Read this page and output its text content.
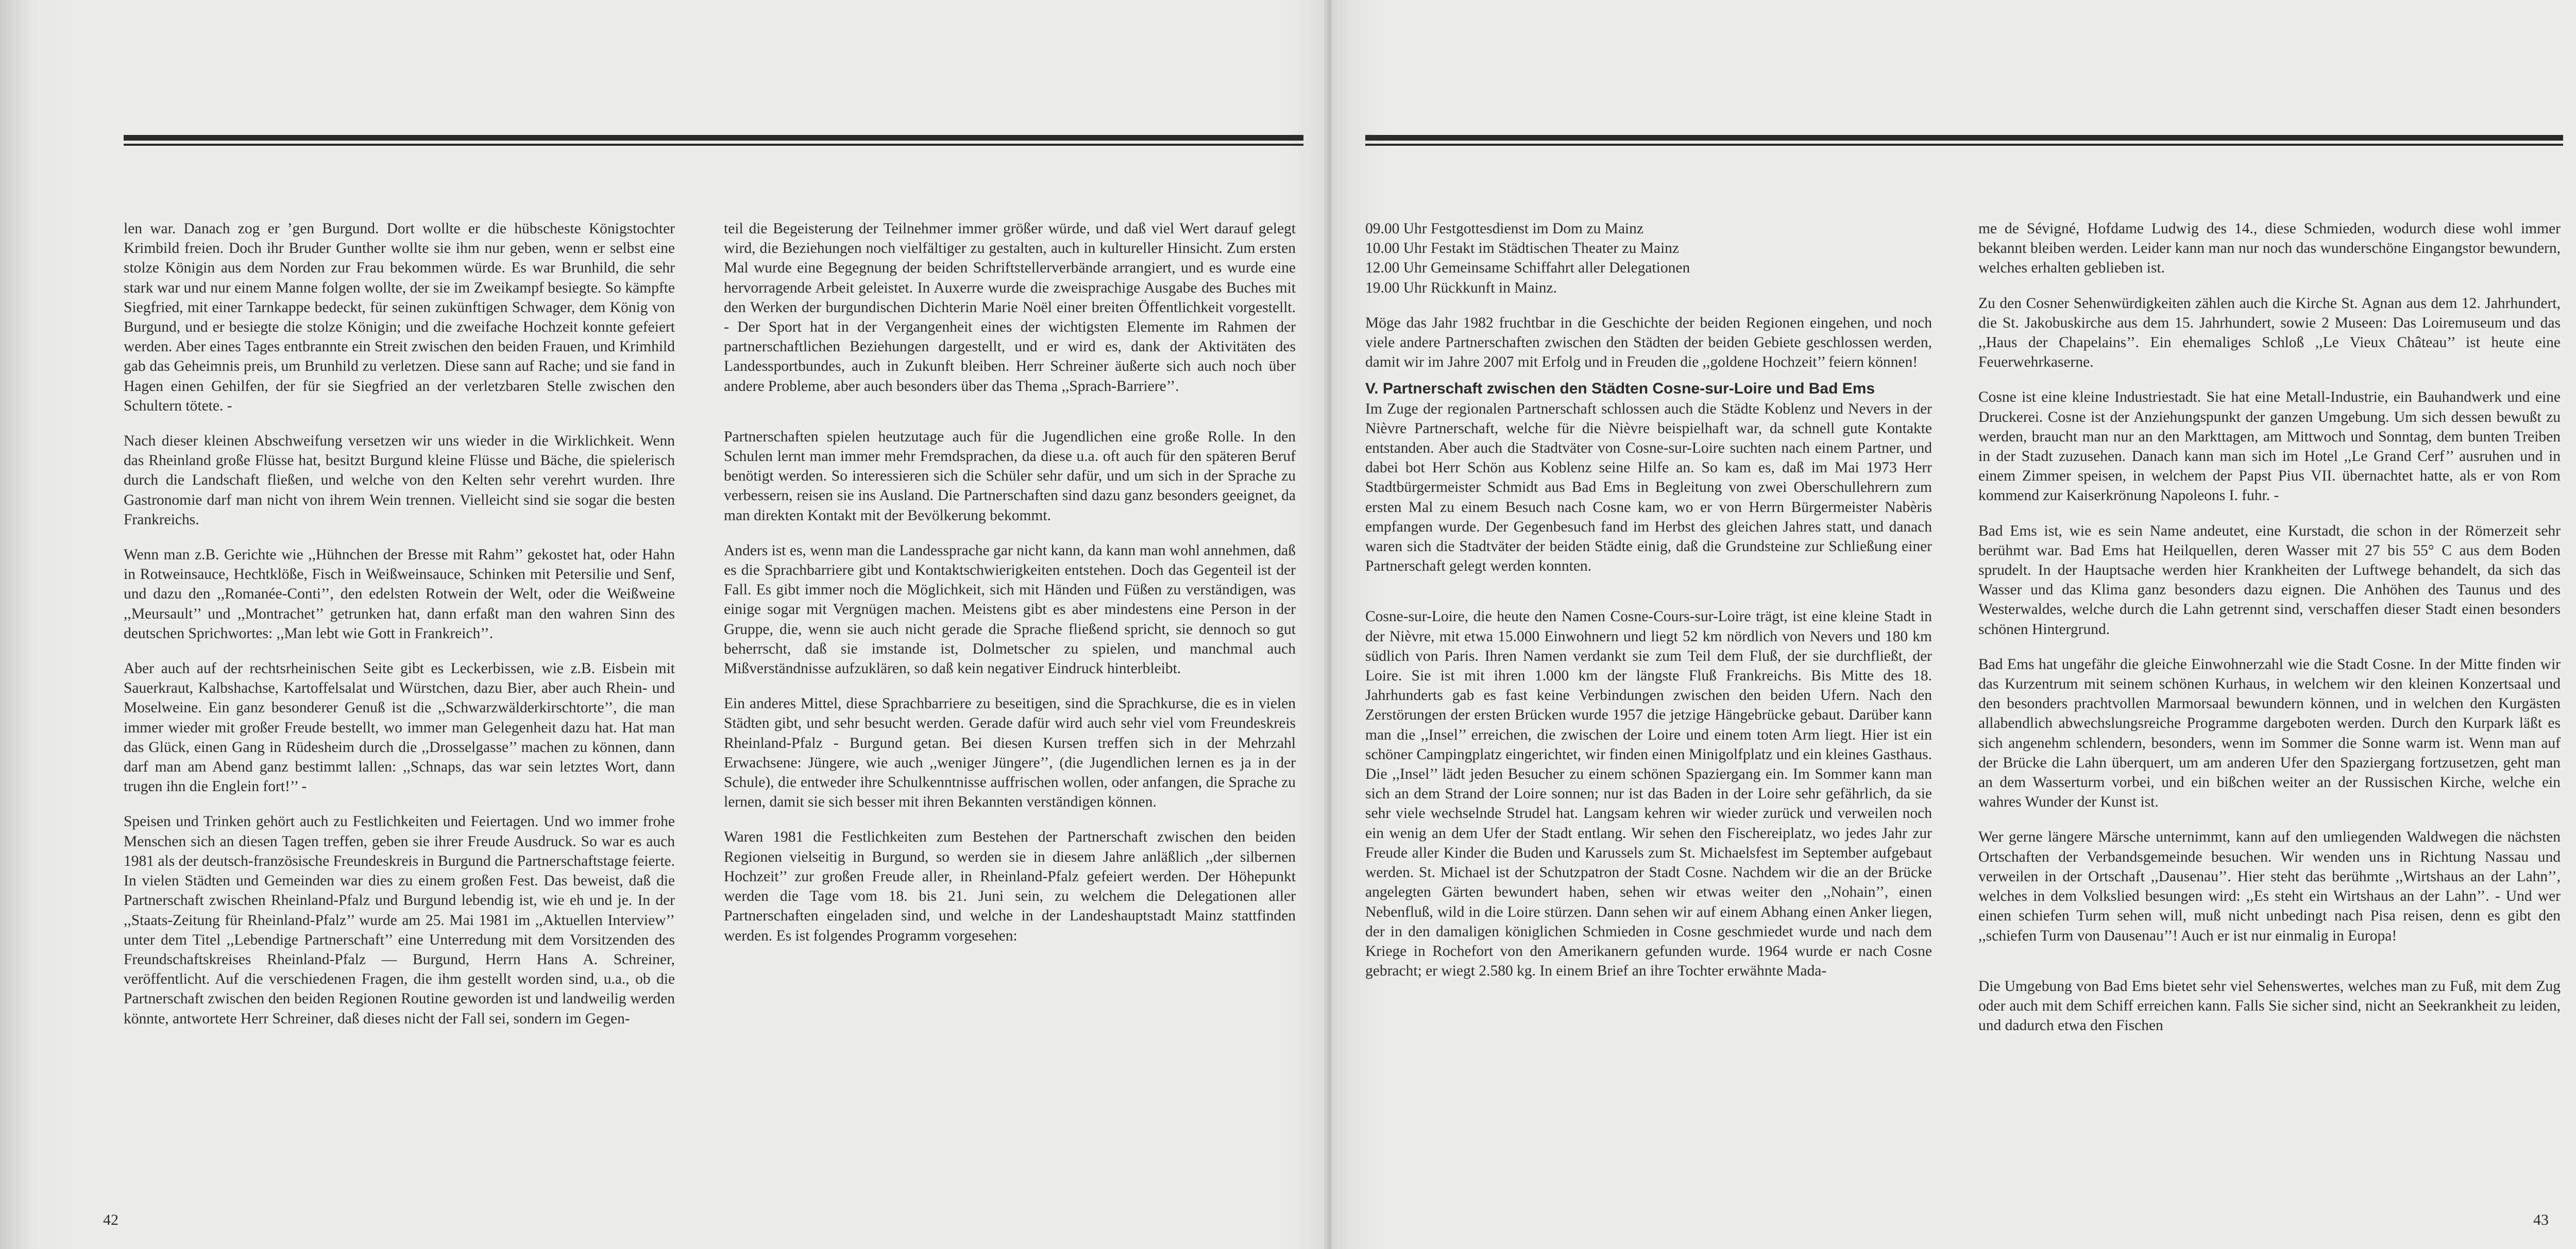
len war. Danach zog er ’gen Burgund. Dort wollte er die hübscheste Königstochter Krimbild freien. Doch ihr Bruder Gunther wollte sie ihm nur geben, wenn er selbst eine stolze Königin aus dem Norden zur Frau bekommen würde. Es war Brunhild, die sehr stark war und nur einem Manne folgen wollte, der sie im Zweikampf besiegte. So kämpfte Siegfried, mit einer Tarnkappe bedeckt, für seinen zukünftigen Schwager, dem König von Burgund, und er besiegte die stolze Königin; und die zweifache Hochzeit konnte gefeiert werden. Aber eines Tages entbrannte ein Streit zwischen den beiden Frauen, und Krimhild gab das Geheimnis preis, um Brunhild zu verletzen. Diese sann auf Rache; und sie fand in Hagen einen Gehilfen, der für sie Siegfried an der verletzbaren Stelle zwischen den Schultern tötete. -

Nach dieser kleinen Abschweifung versetzen wir uns wieder in die Wirklichkeit. Wenn das Rheinland große Flüsse hat, besitzt Burgund kleine Flüsse und Bäche, die spielerisch durch die Landschaft fließen, und welche von den Kelten sehr verehrt wurden. Ihre Gastronomie darf man nicht von ihrem Wein trennen. Vielleicht sind sie sogar die besten Frankreichs.

Wenn man z.B. Gerichte wie ,,Hühnchen der Bresse mit Rahm’’ gekostet hat, oder Hahn in Rotweinsauce, Hechtklöße, Fisch in Weißweinsauce, Schinken mit Petersilie und Senf, und dazu den ,,Romanée-Conti’’, den edelsten Rotwein der Welt, oder die Weißweine ,,Meursault’’ und ,,Montrachet’’ getrunken hat, dann erfaßt man den wahren Sinn des deutschen Sprichwortes: ,,Man lebt wie Gott in Frankreich’’.

Aber auch auf der rechtsrheinischen Seite gibt es Leckerbissen, wie z.B. Eisbein mit Sauerkraut, Kalbshachse, Kartoffelsalat und Würstchen, dazu Bier, aber auch Rhein- und Moselweine. Ein ganz besonderer Genuß ist die ,,Schwarzwälderkirschtorte’’, die man immer wieder mit großer Freude bestellt, wo immer man Gelegenheit dazu hat. Hat man das Glück, einen Gang in Rüdesheim durch die ,,Drosselgasse’’ machen zu können, dann darf man am Abend ganz bestimmt lallen: ,,Schnaps, das war sein letztes Wort, dann trugen ihn die Englein fort!’’ -

Speisen und Trinken gehört auch zu Festlichkeiten und Feiertagen. Und wo immer frohe Menschen sich an diesen Tagen treffen, geben sie ihrer Freude Ausdruck. So war es auch 1981 als der deutsch-französische Freundeskreis in Burgund die Partnerschaftstage feierte. In vielen Städten und Gemeinden war dies zu einem großen Fest. Das beweist, daß die Partnerschaft zwischen Rheinland-Pfalz und Burgund lebendig ist, wie eh und je. In der ,,Staats-Zeitung für Rheinland-Pfalz’’ wurde am 25. Mai 1981 im ,,Aktuellen Interview’’ unter dem Titel ,,Lebendige Partnerschaft’’ eine Unterredung mit dem Vorsitzenden des Freundschaftskreises Rheinland-Pfalz — Burgund, Herrn Hans A. Schreiner, veröffentlicht. Auf die verschiedenen Fragen, die ihm gestellt worden sind, u.a., ob die Partnerschaft zwischen den beiden Regionen Routine geworden ist und landweilig werden könnte, antwortete Herr Schreiner, daß dieses nicht der Fall sei, sondern im Gegen-

teil die Begeisterung der Teilnehmer immer größer würde, und daß viel Wert darauf gelegt wird, die Beziehungen noch vielfältiger zu gestalten, auch in kultureller Hinsicht. Zum ersten Mal wurde eine Begegnung der beiden Schriftstellerverbände arrangiert, und es wurde eine hervorragende Arbeit geleistet. In Auxerre wurde die zweisprachige Ausgabe des Buches mit den Werken der burgundischen Dichterin Marie Noël einer breiten Öffentlichkeit vorgestellt. - Der Sport hat in der Vergangenheit eines der wichtigsten Elemente im Rahmen der partnerschaftlichen Beziehungen dargestellt, und er wird es, dank der Aktivitäten des Landessportbundes, auch in Zukunft bleiben. Herr Schreiner äußerte sich auch noch über andere Probleme, aber auch besonders über das Thema ,,Sprach-Barriere’’.

Partnerschaften spielen heutzutage auch für die Jugendlichen eine große Rolle. In den Schulen lernt man immer mehr Fremdsprachen, da diese u.a. oft auch für den späteren Beruf benötigt werden. So interessieren sich die Schüler sehr dafür, und um sich in der Sprache zu verbessern, reisen sie ins Ausland. Die Partnerschaften sind dazu ganz besonders geeignet, da man direkten Kontakt mit der Bevölkerung bekommt.

Anders ist es, wenn man die Landessprache gar nicht kann, da kann man wohl annehmen, daß es die Sprachbarriere gibt und Kontaktschwierigkeiten entstehen. Doch das Gegenteil ist der Fall. Es gibt immer noch die Möglichkeit, sich mit Händen und Füßen zu verständigen, was einige sogar mit Vergnügen machen. Meistens gibt es aber mindestens eine Person in der Gruppe, die, wenn sie auch nicht gerade die Sprache fließend spricht, sie dennoch so gut beherrscht, daß sie imstande ist, Dolmetscher zu spielen, und manchmal auch Mißverständnisse aufzuklären, so daß kein negativer Eindruck hinterbleibt.

Ein anderes Mittel, diese Sprachbarriere zu beseitigen, sind die Sprachkurse, die es in vielen Städten gibt, und sehr besucht werden. Gerade dafür wird auch sehr viel vom Freundeskreis Rheinland-Pfalz - Burgund getan. Bei diesen Kursen treffen sich in der Mehrzahl Erwachsene: Jüngere, wie auch ,,weniger Jüngere’’, (die Jugendlichen lernen es ja in der Schule), die entweder ihre Schulkenntnisse auffrischen wollen, oder anfangen, die Sprache zu lernen, damit sie sich besser mit ihren Bekannten verständigen können.

Waren 1981 die Festlichkeiten zum Bestehen der Partnerschaft zwischen den beiden Regionen vielseitig in Burgund, so werden sie in diesem Jahre anläßlich ,,der silbernen Hochzeit’’ zur großen Freude aller, in Rheinland-Pfalz gefeiert werden. Der Höhepunkt werden die Tage vom 18. bis 21. Juni sein, zu welchem die Delegationen aller Partnerschaften eingeladen sind, und welche in der Landeshauptstadt Mainz stattfinden werden. Es ist folgendes Programm vorgesehen:

42
09.00 Uhr Festgottesdienst im Dom zu Mainz
10.00 Uhr Festakt im Städtischen Theater zu Mainz
12.00 Uhr Gemeinsame Schiffahrt aller Delegationen
19.00 Uhr Rückkunft in Mainz.

Möge das Jahr 1982 fruchtbar in die Geschichte der beiden Regionen eingehen, und noch viele andere Partnerschaften zwischen den Städten der beiden Gebiete geschlossen werden, damit wir im Jahre 2007 mit Erfolg und in Freuden die ,,goldene Hochzeit’’ feiern können!

V. Partnerschaft zwischen den Städten Cosne-sur-Loire und Bad Ems

Im Zuge der regionalen Partnerschaft schlossen auch die Städte Koblenz und Nevers in der Nièvre Partnerschaft, welche für die Nièvre beispielhaft war, da schnell gute Kontakte entstanden. Aber auch die Stadtväter von Cosne-sur-Loire suchten nach einem Partner, und dabei bot Herr Schön aus Koblenz seine Hilfe an. So kam es, daß im Mai 1973 Herr Stadtbürgermeister Schmidt aus Bad Ems in Begleitung von zwei Oberschullehrern zum ersten Mal zu einem Besuch nach Cosne kam, wo er von Herrn Bürgermeister Nabèris empfangen wurde. Der Gegenbesuch fand im Herbst des gleichen Jahres statt, und danach waren sich die Stadtväter der beiden Städte einig, daß die Grundsteine zur Schließung einer Partnerschaft gelegt werden konnten.

Cosne-sur-Loire, die heute den Namen Cosne-Cours-sur-Loire trägt, ist eine kleine Stadt in der Nièvre, mit etwa 15.000 Einwohnern und liegt 52 km nördlich von Nevers und 180 km südlich von Paris. Ihren Namen verdankt sie zum Teil dem Fluß, der sie durchfließt, der Loire. Sie ist mit ihren 1.000 km der längste Fluß Frankreichs. Bis Mitte des 18. Jahrhunderts gab es fast keine Verbindungen zwischen den beiden Ufern. Nach den Zerstörungen der ersten Brücken wurde 1957 die jetzige Hängebrücke gebaut. Darüber kann man die ,,Insel’’ erreichen, die zwischen der Loire und einem toten Arm liegt. Hier ist ein schöner Campingplatz eingerichtet, wir finden einen Minigolfplatz und ein kleines Gasthaus. Die ,,Insel’’ lädt jeden Besucher zu einem schönen Spaziergang ein. Im Sommer kann man sich an dem Strand der Loire sonnen; nur ist das Baden in der Loire sehr gefährlich, da sie sehr viele wechselnde Strudel hat. Langsam kehren wir wieder zurück und verweilen noch ein wenig an dem Ufer der Stadt entlang. Wir sehen den Fischereiplatz, wo jedes Jahr zur Freude aller Kinder die Buden und Karussels zum St. Michaelsfest im September aufgebaut werden. St. Michael ist der Schutzpatron der Stadt Cosne. Nachdem wir die an der Brücke angelegten Gärten bewundert haben, sehen wir etwas weiter den ,,Nohain’’, einen Nebenfluß, wild in die Loire stürzen. Dann sehen wir auf einem Abhang einen Anker liegen, der in den damaligen königlichen Schmieden in Cosne geschmiedet wurde und nach dem Kriege in Rochefort von den Amerikanern gefunden wurde. 1964 wurde er nach Cosne gebracht; er wiegt 2.580 kg. In einem Brief an ihre Tochter erwähnte Mada-

me de Sévigné, Hofdame Ludwig des 14., diese Schmieden, wodurch diese wohl immer bekannt bleiben werden. Leider kann man nur noch das wunderschöne Eingangstor bewundern, welches erhalten geblieben ist.

Zu den Cosner Sehenwürdigkeiten zählen auch die Kirche St. Agnan aus dem 12. Jahrhundert, die St. Jakobuskirche aus dem 15. Jahrhundert, sowie 2 Museen: Das Loiremuseum und das ,,Haus der Chapelains’’. Ein ehemaliges Schloß ,,Le Vieux Château’’ ist heute eine Feuerwehrkaserne.

Cosne ist eine kleine Industriestadt. Sie hat eine Metall-Industrie, ein Bauhandwerk und eine Druckerei. Cosne ist der Anziehungspunkt der ganzen Umgebung. Um sich dessen bewußt zu werden, braucht man nur an den Markttagen, am Mittwoch und Sonntag, dem bunten Treiben in der Stadt zuzusehen. Danach kann man sich im Hotel ,,Le Grand Cerf’’ ausruhen und in einem Zimmer speisen, in welchem der Papst Pius VII. übernachtet hatte, als er von Rom kommend zur Kaiserkrönung Napoleons I. fuhr. -

Bad Ems ist, wie es sein Name andeutet, eine Kurstadt, die schon in der Römerzeit sehr berühmt war. Bad Ems hat Heilquellen, deren Wasser mit 27 bis 55° C aus dem Boden sprudelt. In der Hauptsache werden hier Krankheiten der Luftwege behandelt, da sich das Wasser und das Klima ganz besonders dazu eignen. Die Anhöhen des Taunus und des Westerwaldes, welche durch die Lahn getrennt sind, verschaffen dieser Stadt einen besonders schönen Hintergrund.

Bad Ems hat ungefähr die gleiche Einwohnerzahl wie die Stadt Cosne. In der Mitte finden wir das Kurzentrum mit seinem schönen Kurhaus, in welchem wir den kleinen Konzertsaal und den besonders prachtvollen Marmorsaal bewundern können, und in welchen den Kurgästen allabendlich abwechslungsreiche Programme dargeboten werden. Durch den Kurpark läßt es sich angenehm schlendern, besonders, wenn im Sommer die Sonne warm ist. Wenn man auf der Brücke die Lahn überquert, um am anderen Ufer den Spaziergang fortzusetzen, geht man an dem Wasserturm vorbei, und ein bißchen weiter an der Russischen Kirche, welche ein wahres Wunder der Kunst ist.

Wer gerne längere Märsche unternimmt, kann auf den umliegenden Waldwegen die nächsten Ortschaften der Verbandsgemeinde besuchen. Wir wenden uns in Richtung Nassau und verweilen in der Ortschaft ,,Dausenau’’. Hier steht das berühmte ,,Wirtshaus an der Lahn’’, welches in dem Volkslied besungen wird: ,,Es steht ein Wirtshaus an der Lahn’’. - Und wer einen schiefen Turm sehen will, muß nicht unbedingt nach Pisa reisen, denn es gibt den ,,schiefen Turm von Dausenau’’! Auch er ist nur einmalig in Europa!

Die Umgebung von Bad Ems bietet sehr viel Sehenswertes, welches man zu Fuß, mit dem Zug oder auch mit dem Schiff erreichen kann. Falls Sie sicher sind, nicht an Seekrankheit zu leiden, und dadurch etwa den Fischen

43
